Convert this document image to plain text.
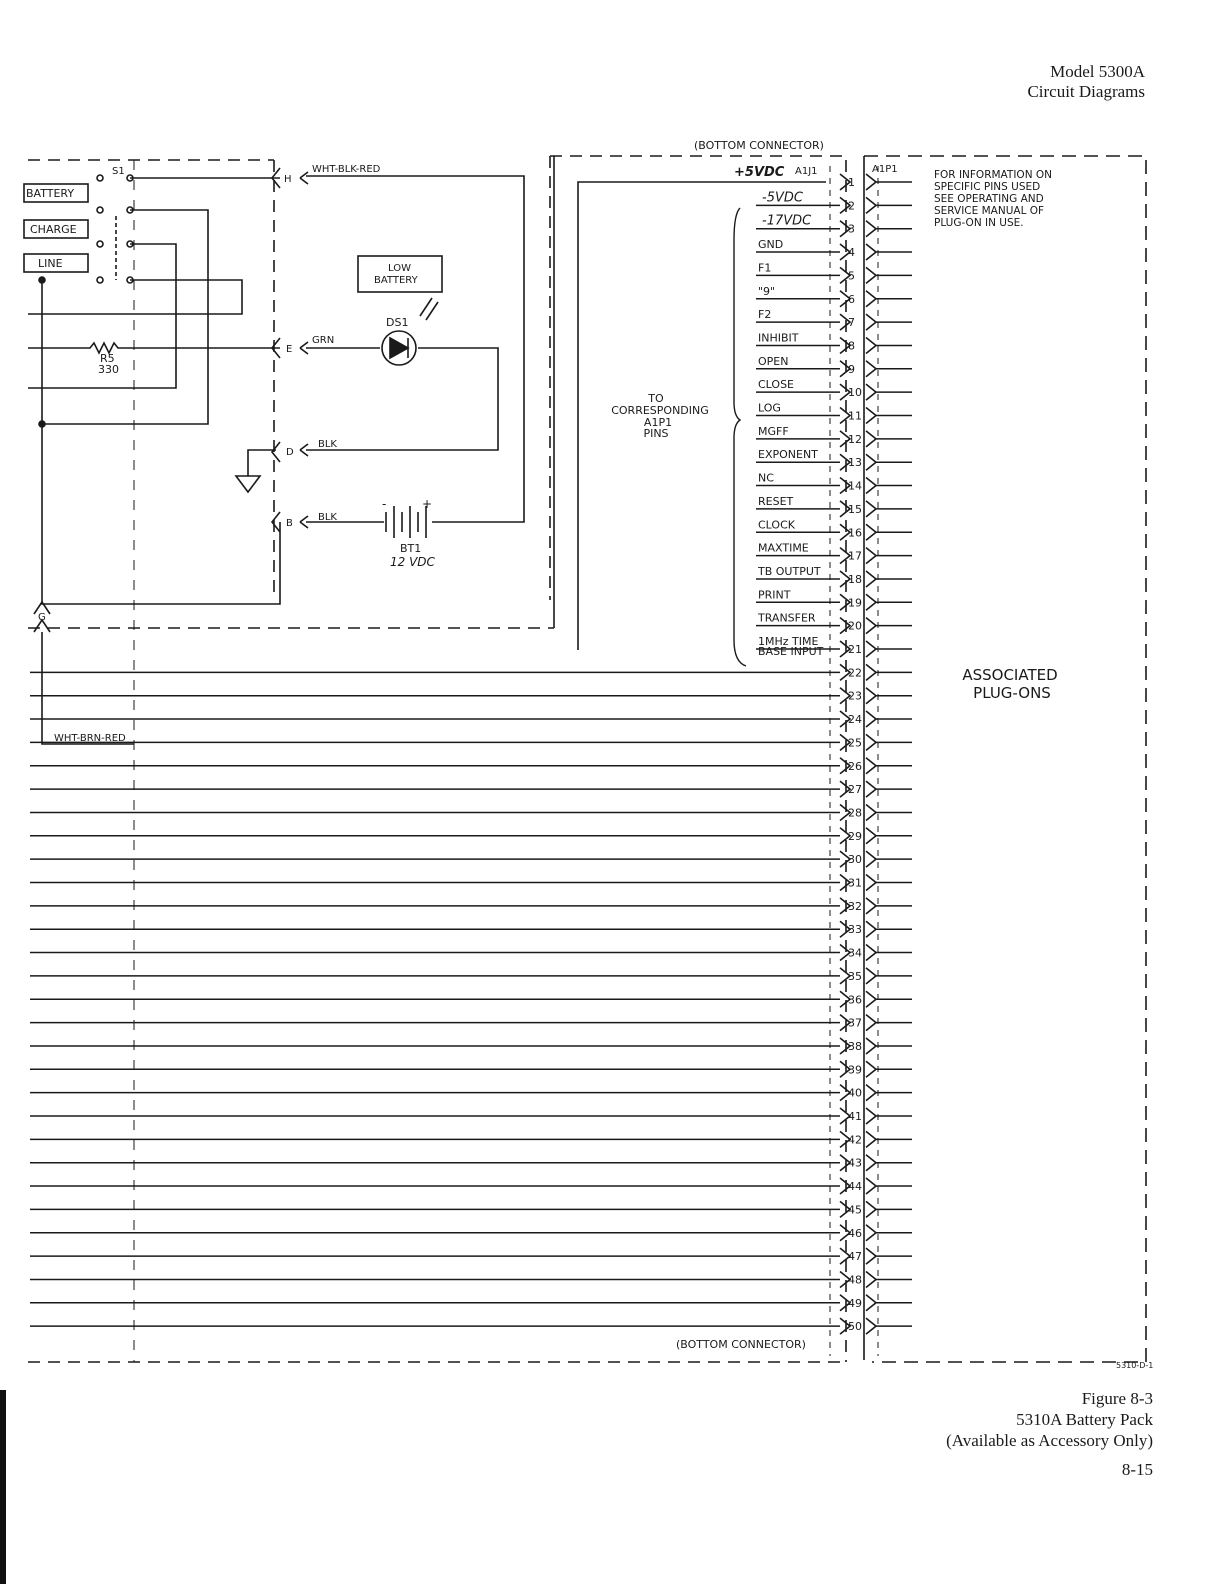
Model 5300A
Circuit Diagrams
1
2
3
4
5
6
7
8
9
10
11
12
13
14
15
16
17
18
19
20
21
22
23
24
25
26
27
28
29
30
31
32
33
34
35
36
37
38
39
40
41
42
43
44
45
46
47
48
49
50
-5VDC
-17VDC
GND
F1
"9"
F2
INHIBIT
OPEN
CLOSE
LOG
MGFF
EXPONENT
NC
RESET
CLOCK
MAXTIME
TB OUTPUT
PRINT
TRANSFER
1MHz TIME
BASE INPUT
(BOTTOM CONNECTOR)
(BOTTOM CONNECTOR)
+5VDC A1J1	A1P1	FOR INFORMATION ON
SPECIFIC PINS USED
SEE OPERATING AND
SERVICE MANUAL OF
PLUG-ON IN USE.
TO
CORRESPONDING
A1P1
PINS
ASSOCIATED
PLUG-ONS
S1
BATTERY
CHARGE
LINE
R5
330
DS1
LOW
BATTERY
BT1
12 VDC
-	+
H
E
D
B
G
WHT-BLK-RED
GRN
BLK
BLK
WHT-BRN-RED
5310-D-1
Figure 8-3
5310A Battery Pack
(Available as Accessory Only)
8-15
